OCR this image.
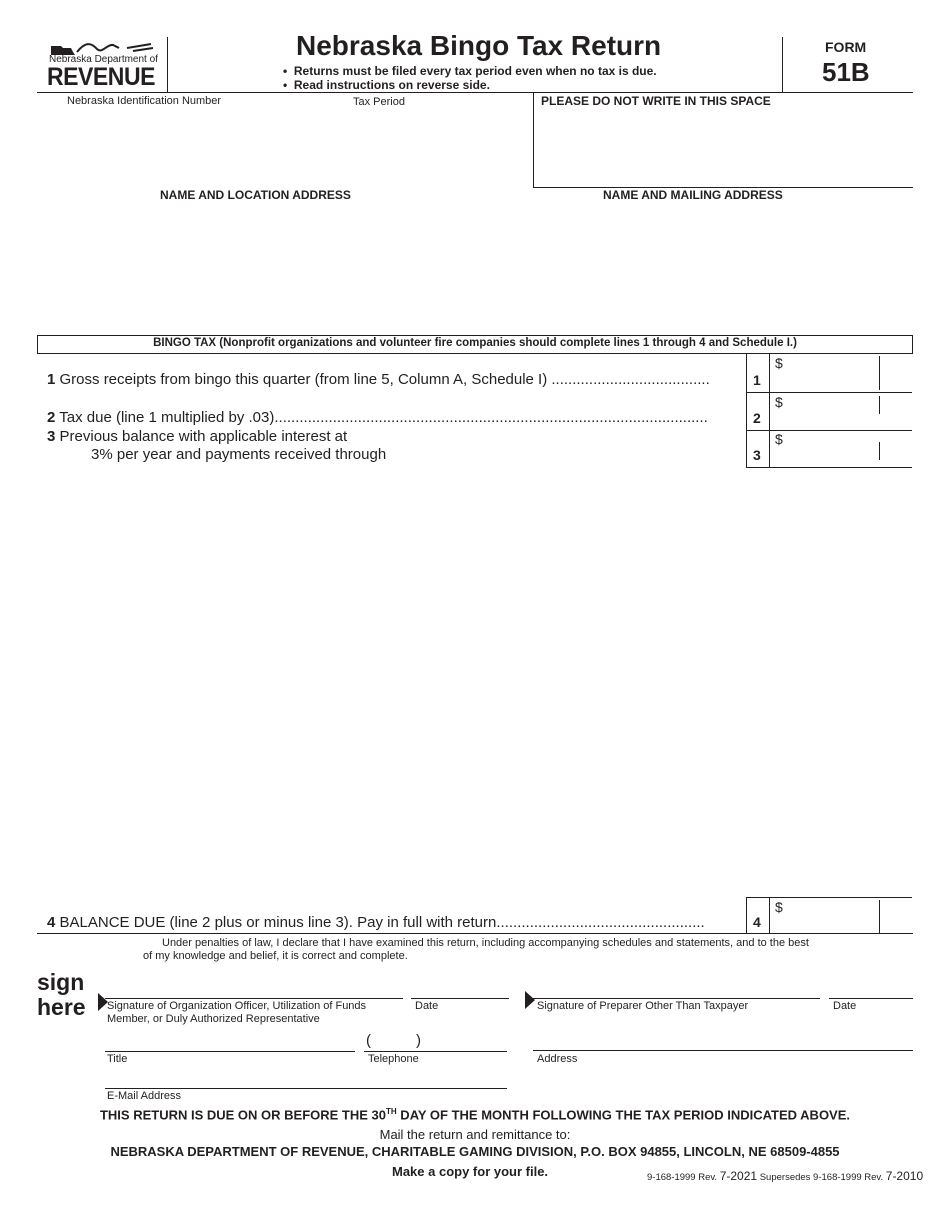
Nebraska Department of
REVENUE
Nebraska Bingo Tax Return
•  Returns must be filed every tax period even when no tax is due.
•  Read instructions on reverse side.
FORM
51B
Nebraska Identification Number	Tax Period	PLEASE DO NOT WRITE IN THIS SPACE
NAME AND LOCATION ADDRESS	NAME AND MAILING ADDRESS
BINGO TAX (Nonprofit organizations and volunteer fire companies should complete lines 1 through 4 and Schedule I.)
1 Gross receipts from bingo this quarter (from line 5, Column A, Schedule I) ......................................	1
$
2 Tax due (line 1 multiplied by .03)........................................................................................................	2
$
3 Previous balance with applicable interest at
3% per year and payments received through	3
$
4 BALANCE DUE (line 2 plus or minus line 3). Pay in full with return..................................................	4
$
Under penalties of law, I declare that I have examined this return, including accompanying schedules and statements, and to the best
of my knowledge and belief, it is correct and complete.
sign
here Signature of Organization Officer, Utilization of Funds
Member, or Duly Authorized Representative
Date	Signature of Preparer Other Than Taxpayer	Date
(	)
Title	Telephone	Address
E-Mail Address
THIS RETURN IS DUE ON OR BEFORE THE 30TH DAY OF THE MONTH FOLLOWING THE TAX PERIOD INDICATED ABOVE.
Mail the return and remittance to:
NEBRASKA DEPARTMENT OF REVENUE, CHARITABLE GAMING DIVISION, P.O. BOX 94855, LINCOLN, NE 68509-4855
Make a copy for your file.	9-168-1999 Rev. 7-2021 Supersedes 9-168-1999 Rev. 7-2010
